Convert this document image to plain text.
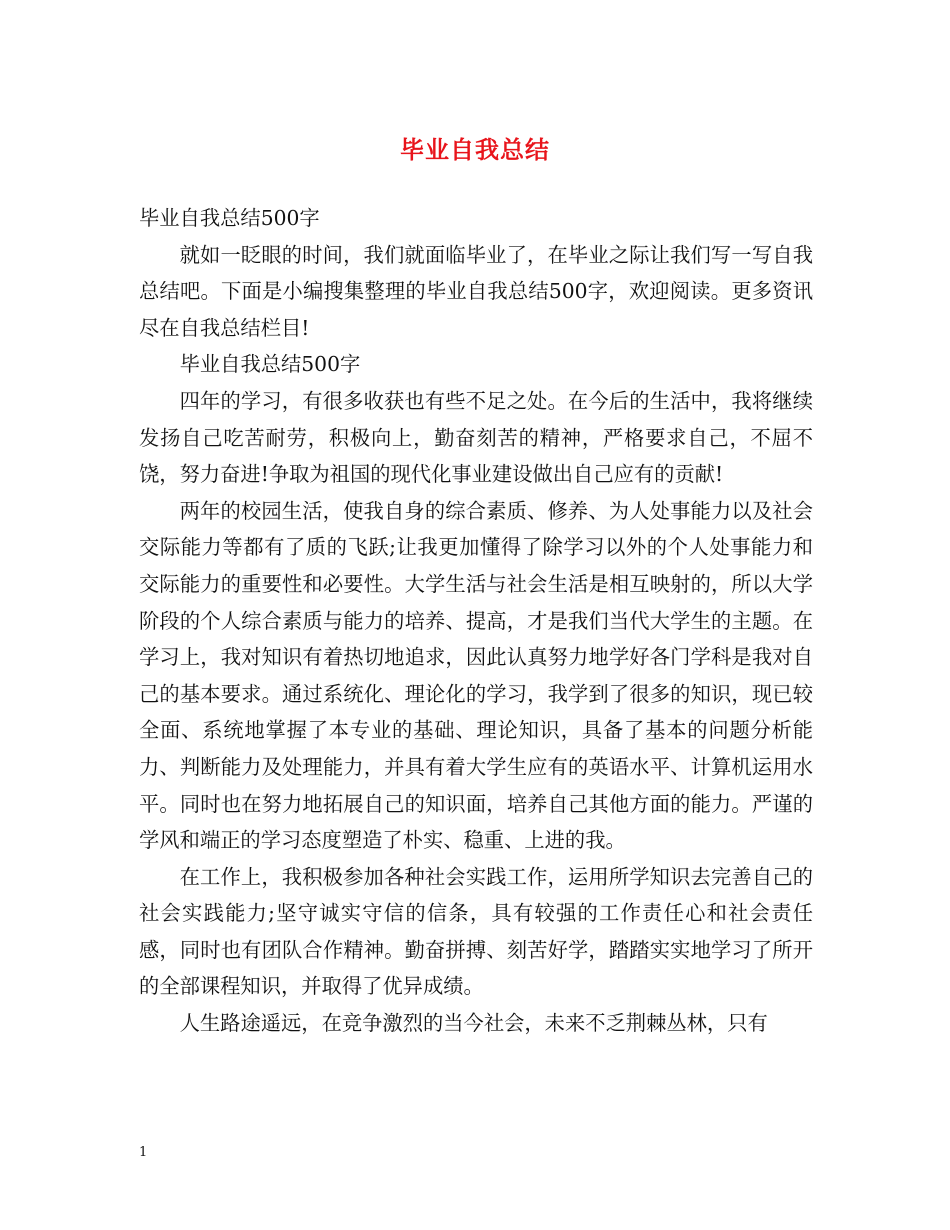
毕业自我总结

毕业自我总结500字

就如一眨眼的时间，我们就面临毕业了，在毕业之际让我们写一写自我总结吧。下面是小编搜集整理的毕业自我总结500字，欢迎阅读。更多资讯尽在自我总结栏目!

毕业自我总结500字

四年的学习，有很多收获也有些不足之处。在今后的生活中，我将继续发扬自己吃苦耐劳，积极向上，勤奋刻苦的精神，严格要求自己，不屈不饶，努力奋进!争取为祖国的现代化事业建设做出自己应有的贡献!

两年的校园生活，使我自身的综合素质、修养、为人处事能力以及社会交际能力等都有了质的飞跃;让我更加懂得了除学习以外的个人处事能力和交际能力的重要性和必要性。大学生活与社会生活是相互映射的，所以大学阶段的个人综合素质与能力的培养、提高，才是我们当代大学生的主题。在学习上，我对知识有着热切地追求，因此认真努力地学好各门学科是我对自己的基本要求。通过系统化、理论化的学习，我学到了很多的知识，现已较全面、系统地掌握了本专业的基础、理论知识，具备了基本的问题分析能力、判断能力及处理能力，并具有着大学生应有的英语水平、计算机运用水平。同时也在努力地拓展自己的知识面，培养自己其他方面的能力。严谨的学风和端正的学习态度塑造了朴实、稳重、上进的我。

在工作上，我积极参加各种社会实践工作，运用所学知识去完善自己的社会实践能力;坚守诚实守信的信条，具有较强的工作责任心和社会责任感，同时也有团队合作精神。勤奋拼搏、刻苦好学，踏踏实实地学习了所开的全部课程知识，并取得了优异成绩。

人生路途遥远，在竞争激烈的当今社会，未来不乏荆棘丛林，只有

1
